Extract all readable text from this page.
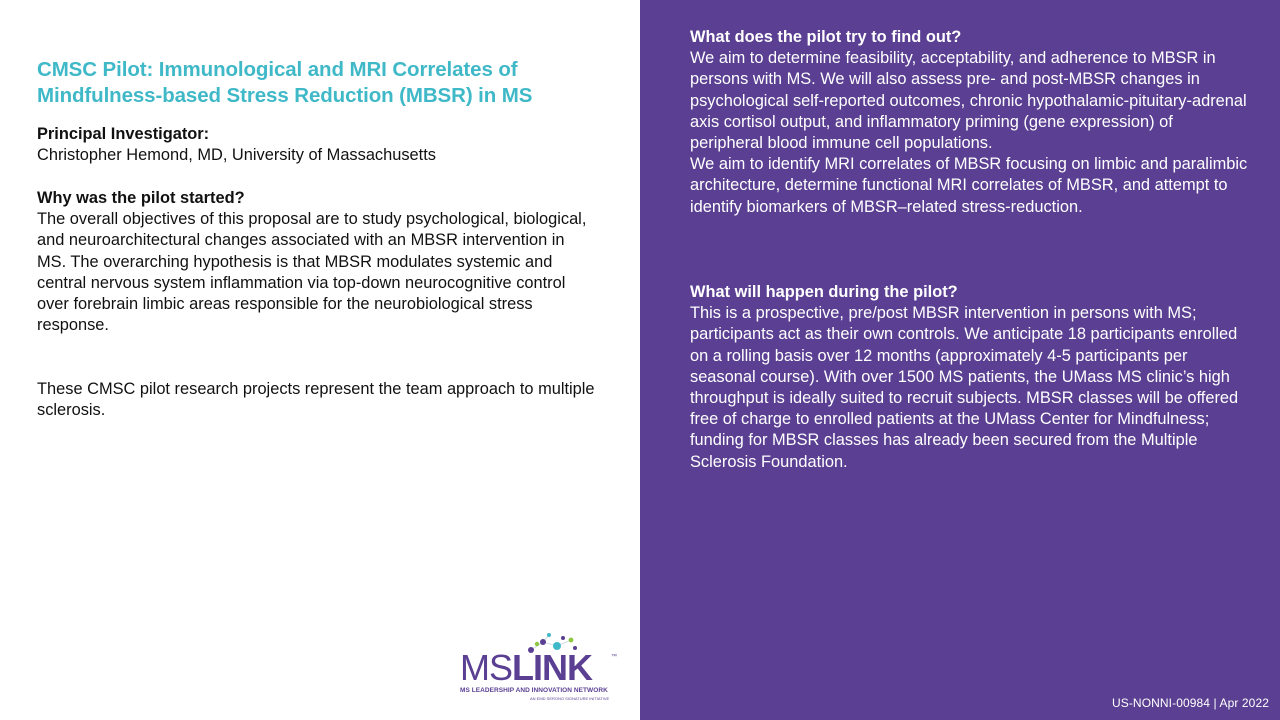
CMSC Pilot: Immunological and MRI Correlates of Mindfulness-based Stress Reduction (MBSR) in MS
Principal Investigator:
Christopher Hemond, MD, University of Massachusetts
Why was the pilot started?
The overall objectives of this proposal are to study psychological, biological, and neuroarchitectural changes associated with an MBSR intervention in MS. The overarching hypothesis is that MBSR modulates systemic and central nervous system inflammation via top-down neurocognitive control over forebrain limbic areas responsible for the neurobiological stress response.
These CMSC pilot research projects represent the team approach to multiple sclerosis.
MSLINK	™
MS LEADERSHIP AND INNOVATION NETWORK
AN EMD SERONO SIGNATURE INITIATIVE
What does the pilot try to find out?
We aim to determine feasibility, acceptability, and adherence to MBSR in persons with MS. We will also assess pre- and post-MBSR changes in psychological self-reported outcomes, chronic hypothalamic-pituitary-adrenal axis cortisol output, and inflammatory priming (gene expression) of peripheral blood immune cell populations.
We aim to identify MRI correlates of MBSR focusing on limbic and paralimbic architecture, determine functional MRI correlates of MBSR, and attempt to identify biomarkers of MBSR–related stress-reduction.
What will happen during the pilot?
This is a prospective, pre/post MBSR intervention in persons with MS; participants act as their own controls. We anticipate 18 participants enrolled on a rolling basis over 12 months (approximately 4-5 participants per seasonal course). With over 1500 MS patients, the UMass MS clinic’s high throughput is ideally suited to recruit subjects. MBSR classes will be offered free of charge to enrolled patients at the UMass Center for Mindfulness; funding for MBSR classes has already been secured from the Multiple Sclerosis Foundation.
US-NONNI-00984 | Apr 2022
